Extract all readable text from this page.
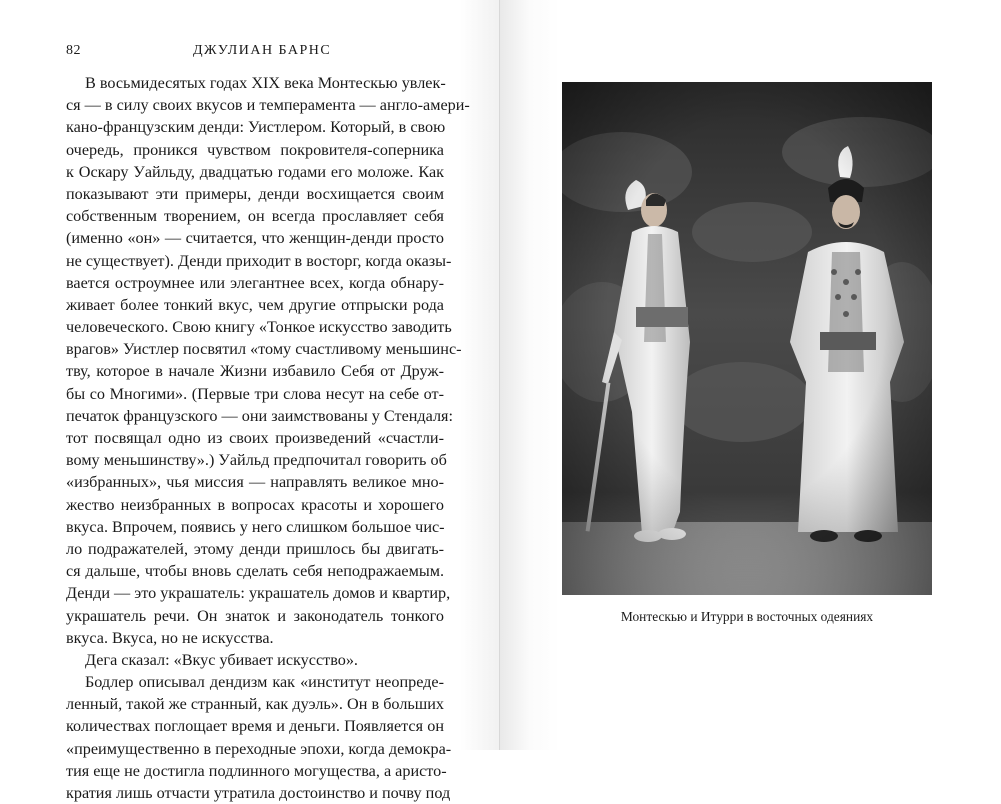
82	ДЖУЛИАН БАРНС
В восьмидесятых годах XIX века Монтескью увлек-
ся — в силу своих вкусов и темперамента — англо-амери-
кано-французским денди: Уистлером. Который, в свою
очередь, проникся чувством покровителя-соперника
к Оскару Уайльду, двадцатью годами его моложе. Как
показывают эти примеры, денди восхищается своим
собственным творением, он всегда прославляет себя
(именно «он» — считается, что женщин-денди просто
не существует). Денди приходит в восторг, когда оказы-
вается остроумнее или элегантнее всех, когда обнару-
живает более тонкий вкус, чем другие отпрыски рода
человеческого. Свою книгу «Тонкое искусство заводить
врагов» Уистлер посвятил «тому счастливому меньшинс-
тву, которое в начале Жизни избавило Себя от Друж-
бы со Многими». (Первые три слова несут на себе от-
печаток французского — они заимствованы у Стендаля:
тот посвящал одно из своих произведений «счастли-
вому меньшинству».) Уайльд предпочитал говорить об
«избранных», чья миссия — направлять великое мно-
жество неизбранных в вопросах красоты и хорошего
вкуса. Впрочем, появись у него слишком большое чис-
ло подражателей, этому денди пришлось бы двигать-
ся дальше, чтобы вновь сделать себя неподражаемым.
Денди — это украшатель: украшатель домов и квартир,
украшатель речи. Он знаток и законодатель тонкого
вкуса. Вкуса, но не искусства.
Дега сказал: «Вкус убивает искусство».
Бодлер описывал дендизм как «институт неопреде-
ленный, такой же странный, как дуэль». Он в больших
количествах поглощает время и деньги. Появляется он
«преимущественно в переходные эпохи, когда демокра-
тия еще не достигла подлинного могущества, а аристо-
кратия лишь отчасти утратила достоинство и почву под
Монтескью и Итурри в восточных одеяниях
